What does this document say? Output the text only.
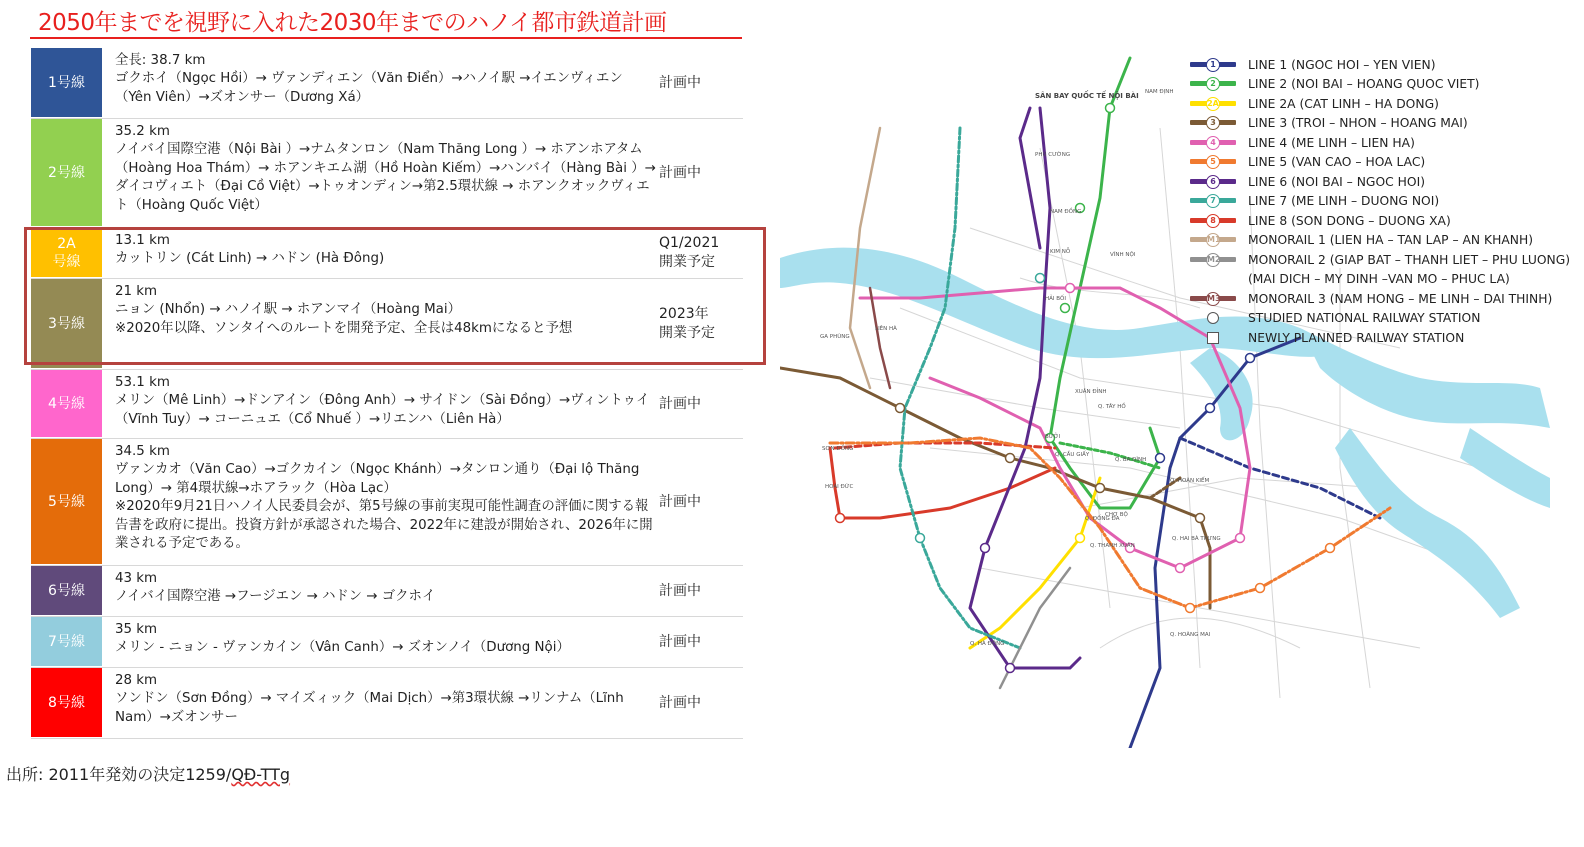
2050年までを視野に入れた2030年までのハノイ都市鉄道計画
1号線
全長: 38.7 km
ゴクホイ（Ngọc Hồi）→ ヴァンディエン（Văn Điển）→ハノイ駅 →イエンヴィエン（Yên Viên）→ズオンサー（Dương Xá）
計画中
2号線
35.2 km
ノイバイ国際空港（Nội Bài ）→ナムタンロン（Nam Thăng Long ）→ ホアンホアタム（Hoàng Hoa Thám）→ ホアンキエム湖（Hồ Hoàn Kiếm）→ハンバイ（Hàng Bài ）→ダイコヴィエト（Đại Cồ Việt）→トゥオンディン→第2.5環状線 → ホアンクオックヴィエト（Hoàng Quốc Việt）
計画中
2A
号線
13.1 km
カットリン (Cát Linh) → ハドン (Hà Đông)
Q1/2021
開業予定
3号線
21 km
ニョン (Nhổn) → ハノイ駅 → ホアンマイ（Hoàng Mai）
※2020年以降、ソンタイへのルートを開発予定、全長は48kmになると予想
2023年
開業予定
4号線
53.1 km
メリン（Mê Linh）→ドンアイン（Đông Anh）→ サイドン（Sài Đồng）→ヴィントゥイ（Vĩnh Tuy）→ コーニュエ（Cổ Nhuế ）→リエンハ（Liên Hà）
計画中
5号線
34.5 km
ヴァンカオ（Văn Cao）→ゴクカイン（Ngọc Khánh）→タンロン通り（Đại lộ Thăng Long）→ 第4環状線→ホアラック（Hòa Lạc）
※2020年9月21日ハノイ人民委員会が、第5号線の事前実現可能性調査の評価に関する報告書を政府に提出。投資方針が承認された場合、2022年に建設が開始され、2026年に開業される予定である。
計画中
6号線
43 km
ノイバイ国際空港 →フージエン → ハドン → ゴクホイ	計画中
7号線
35 km
メリン - ニョン - ヴァンカイン（Vân Canh）→ ズオンノイ（Dương Nội）	計画中
8号線
28 km
ソンドン（Sơn Đồng）→ マイズィック（Mai Dịch）→第3環状線 →リンナム（Lĩnh Nam）→ズオンサー
計画中
出所: 2011年発効の決定1259/QĐ-TTg
SÂN BAY QUỐC TẾ NỘI BÀI
PHÙ CƯỜNG
NAM ĐỒNG
KIM NỖ	VĨNH NỘI
HẢI BỐI
LIÊN HÀ
GA PHÙNG
XUÂN ĐỈNH
Q. TÂY HỒ
BƯỞI
Q. CẦU GIẤY
Q. BA ĐÌNH
Q. HOÀN KIẾM
Q. ĐỐNG ĐA
Q. HAI BÀ TRƯNG
Q. THANH XUÂN
Q. HÀ ĐÔNG
Q. HOÀNG MAI
SƠN ĐỒNG
HOÀI ĐỨC
CHỢ BỘ
NAM ĐỊNH
1	LINE 1 (NGOC HOI – YEN VIEN)
2	LINE 2 (NOI BAI – HOANG QUOC VIET)
2A LINE 2A (CAT LINH – HA DONG)
3	LINE 3 (TROI – NHON – HOANG MAI)
4	LINE 4 (ME LINH – LIEN HA)
5	LINE 5 (VAN CAO – HOA LAC)
6	LINE 6 (NOI BAI – NGOC HOI)
7	LINE 7 (ME LINH – DUONG NOI)
8	LINE 8 (SON DONG – DUONG XA)
M1 MONORAIL 1 (LIEN HA – TAN LAP – AN KHANH)
M2 MONORAIL 2 (GIAP BAT – THANH LIET – PHU LUONG)
(MAI DICH – MY DINH –VAN MO – PHUC LA)
M3 MONORAIL 3 (NAM HONG – ME LINH – DAI THINH)
STUDIED NATIONAL RAILWAY STATION
NEWLY PLANNED RAILWAY STATION
